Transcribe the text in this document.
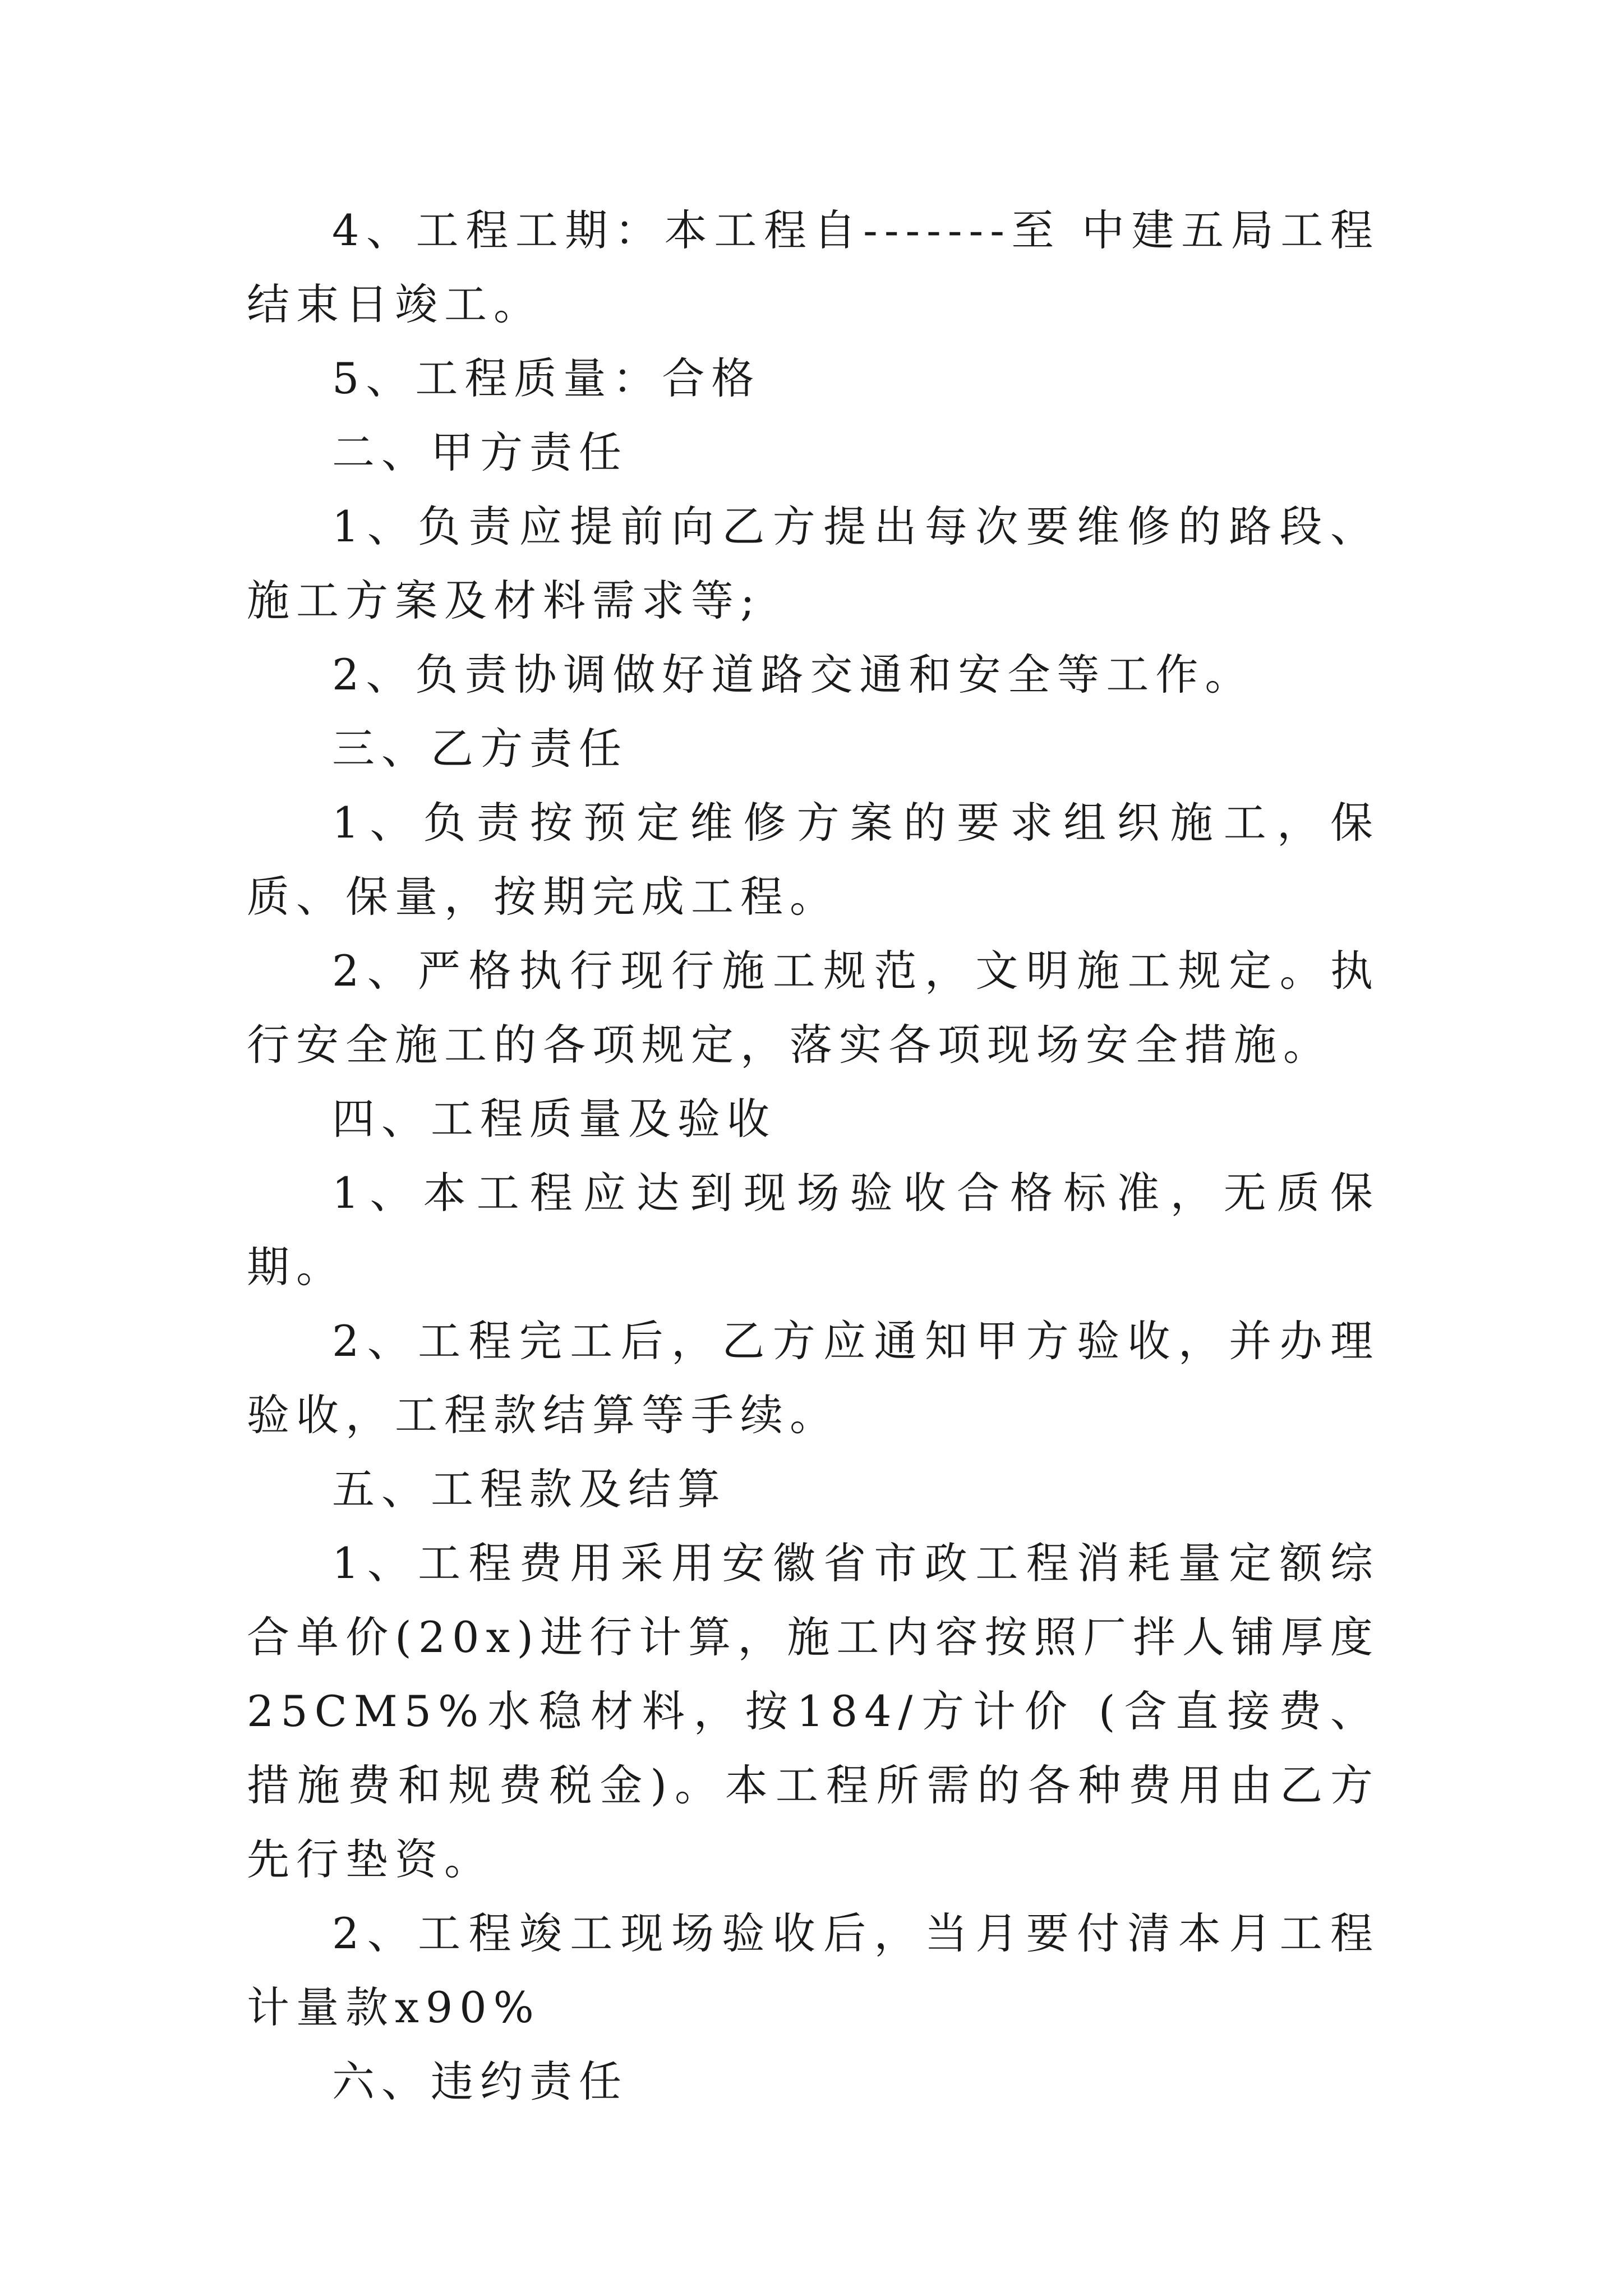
4、工程工期：本工程自-------至 中建五局工程结束日竣工。

5、工程质量：合格

二、甲方责任

1、负责应提前向乙方提出每次要维修的路段、施工方案及材料需求等;

2、负责协调做好道路交通和安全等工作。

三、乙方责任

1、负责按预定维修方案的要求组织施工，保质、保量，按期完成工程。

2、严格执行现行施工规范，文明施工规定。执行安全施工的各项规定，落实各项现场安全措施。

四、工程质量及验收

1、本工程应达到现场验收合格标准，无质保期。

2、工程完工后，乙方应通知甲方验收，并办理验收，工程款结算等手续。

五、工程款及结算

1、工程费用采用安徽省市政工程消耗量定额综合单价(20x)进行计算，施工内容按照厂拌人铺厚度25CM5%水稳材料，按184/方计价 (含直接费、措施费和规费税金)。本工程所需的各种费用由乙方先行垫资。

2、工程竣工现场验收后，当月要付清本月工程计量款x90%

六、违约责任
